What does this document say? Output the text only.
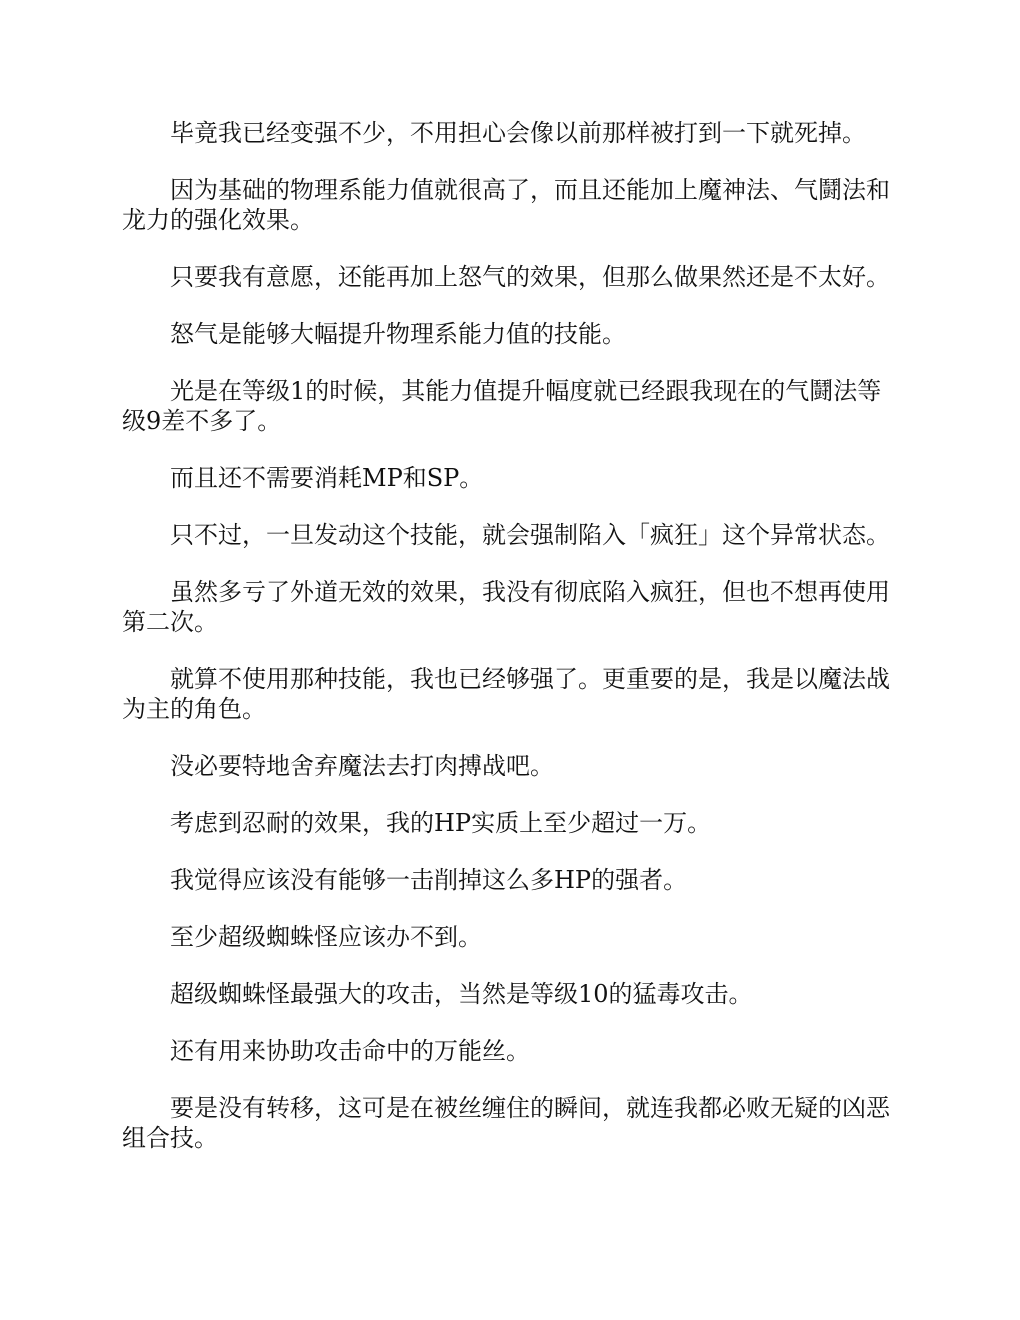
毕竟我已经变强不少，不用担心会像以前那样被打到一下就死掉。

因为基础的物理系能力值就很高了，而且还能加上魔神法、气鬪法和龙力的强化效果。

只要我有意愿，还能再加上怒气的效果，但那么做果然还是不太好。

怒气是能够大幅提升物理系能力值的技能。

光是在等级1的时候，其能力值提升幅度就已经跟我现在的气鬪法等级9差不多了。

而且还不需要消耗MP和SP。

只不过，一旦发动这个技能，就会强制陷入「疯狂」这个异常状态。

虽然多亏了外道无效的效果，我没有彻底陷入疯狂，但也不想再使用第二次。

就算不使用那种技能，我也已经够强了。更重要的是，我是以魔法战为主的角色。

没必要特地舍弃魔法去打肉搏战吧。

考虑到忍耐的效果，我的HP实质上至少超过一万。

我觉得应该没有能够一击削掉这么多HP的强者。

至少超级蜘蛛怪应该办不到。

超级蜘蛛怪最强大的攻击，当然是等级10的猛毒攻击。

还有用来协助攻击命中的万能丝。

要是没有转移，这可是在被丝缠住的瞬间，就连我都必败无疑的凶恶组合技。
